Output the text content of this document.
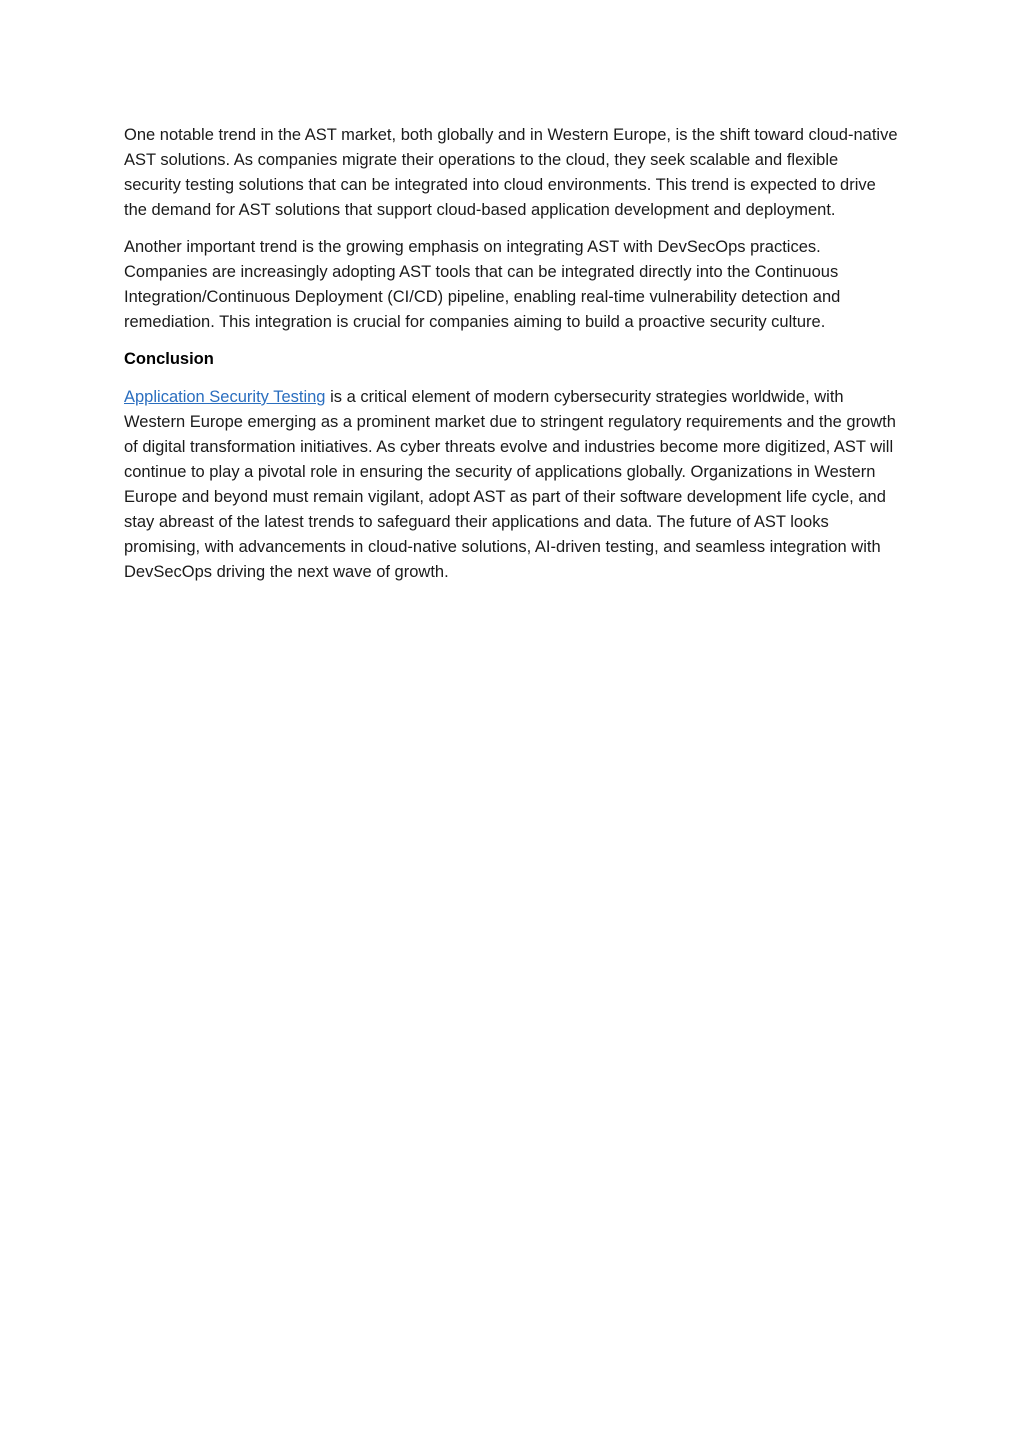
One notable trend in the AST market, both globally and in Western Europe, is the shift toward cloud-native AST solutions. As companies migrate their operations to the cloud, they seek scalable and flexible security testing solutions that can be integrated into cloud environments. This trend is expected to drive the demand for AST solutions that support cloud-based application development and deployment.

Another important trend is the growing emphasis on integrating AST with DevSecOps practices. Companies are increasingly adopting AST tools that can be integrated directly into the Continuous Integration/Continuous Deployment (CI/CD) pipeline, enabling real-time vulnerability detection and remediation. This integration is crucial for companies aiming to build a proactive security culture.

Conclusion

Application Security Testing is a critical element of modern cybersecurity strategies worldwide, with Western Europe emerging as a prominent market due to stringent regulatory requirements and the growth of digital transformation initiatives. As cyber threats evolve and industries become more digitized, AST will continue to play a pivotal role in ensuring the security of applications globally. Organizations in Western Europe and beyond must remain vigilant, adopt AST as part of their software development life cycle, and stay abreast of the latest trends to safeguard their applications and data. The future of AST looks promising, with advancements in cloud-native solutions, AI-driven testing, and seamless integration with DevSecOps driving the next wave of growth.
